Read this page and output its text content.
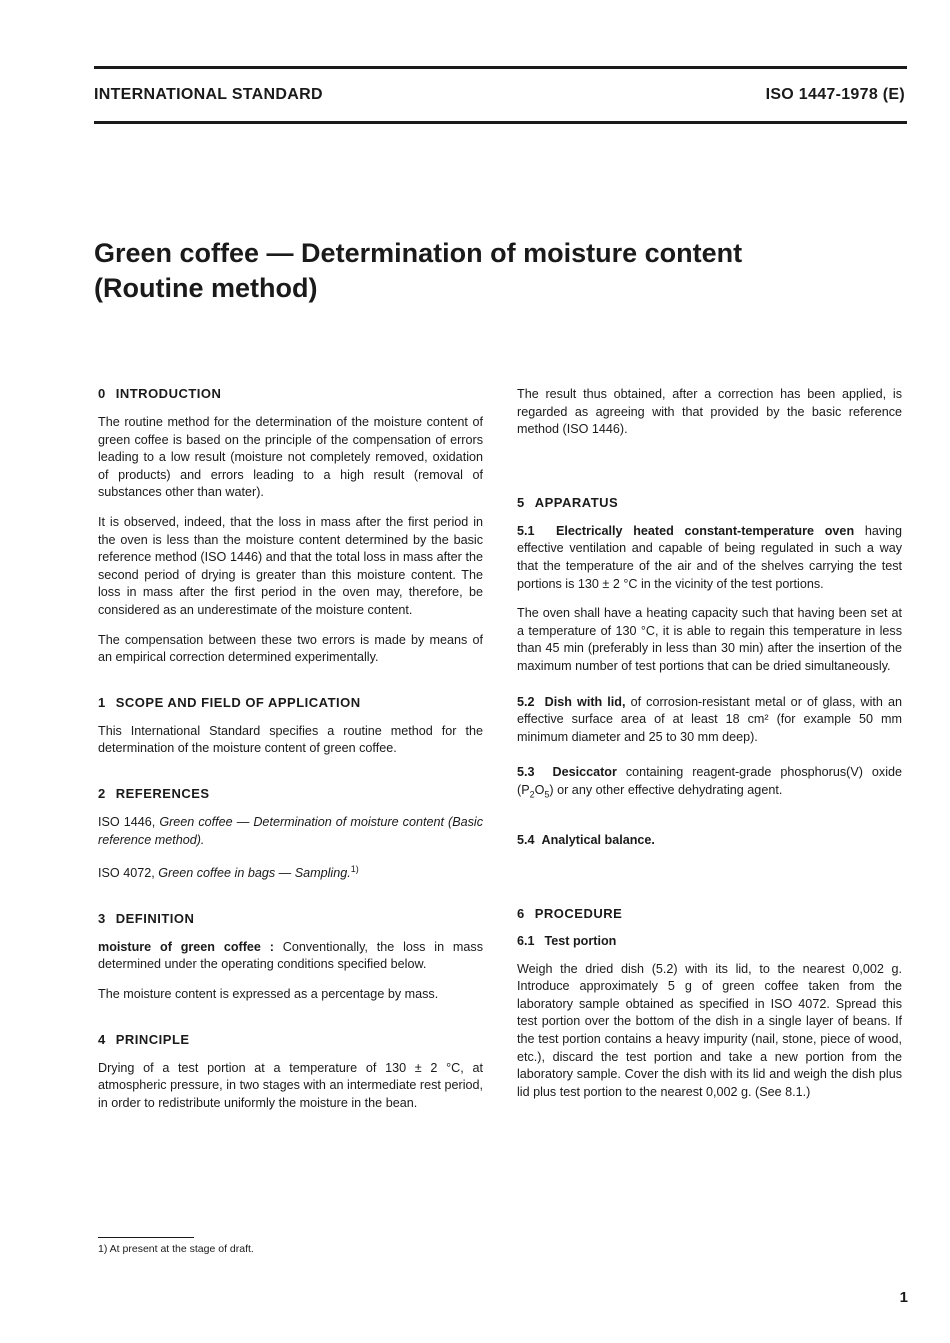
INTERNATIONAL STANDARD	ISO 1447-1978 (E)
Green coffee — Determination of moisture content
(Routine method)
0 INTRODUCTION

The routine method for the determination of the moisture content of green coffee is based on the principle of the compensation of errors leading to a low result (moisture not completely removed, oxidation of products) and errors leading to a high result (removal of substances other than water).

It is observed, indeed, that the loss in mass after the first period in the oven is less than the moisture content determined by the basic reference method (ISO 1446) and that the total loss in mass after the second period of drying is greater than this moisture content. The loss in mass after the first period in the oven may, therefore, be considered as an underestimate of the moisture content.

The compensation between these two errors is made by means of an empirical correction determined experimentally.

1 SCOPE AND FIELD OF APPLICATION

This International Standard specifies a routine method for the determination of the moisture content of green coffee.

2 REFERENCES

ISO 1446, Green coffee — Determination of moisture content (Basic reference method).

ISO 4072, Green coffee in bags — Sampling.$^{1)}$

3 DEFINITION

moisture of green coffee : Conventionally, the loss in mass determined under the operating conditions specified below.

The moisture content is expressed as a percentage by mass.

4 PRINCIPLE

Drying of a test portion at a temperature of 130 ± 2 °C, at atmospheric pressure, in two stages with an intermediate rest period, in order to redistribute uniformly the moisture in the bean.

The result thus obtained, after a correction has been applied, is regarded as agreeing with that provided by the basic reference method (ISO 1446).

5 APPARATUS

5.1 Electrically heated constant-temperature oven having effective ventilation and capable of being regulated in such a way that the temperature of the air and of the shelves carrying the test portions is 130 ± 2 °C in the vicinity of the test portions.

The oven shall have a heating capacity such that having been set at a temperature of 130 °C, it is able to regain this temperature in less than 45 min (preferably in less than 30 min) after the insertion of the maximum number of test portions that can be dried simultaneously.

5.2 Dish with lid, of corrosion-resistant metal or of glass, with an effective surface area of at least 18 cm² (for example 50 mm minimum diameter and 25 to 30 mm deep).

5.3 Desiccator containing reagent-grade phosphorus(V) oxide $(P_2O_5)$ or any other effective dehydrating agent.

5.4 Analytical balance.

6 PROCEDURE
6.1 Test portion

Weigh the dried dish (5.2) with its lid, to the nearest 0,002 g. Introduce approximately 5 g of green coffee taken from the laboratory sample obtained as specified in ISO 4072. Spread this test portion over the bottom of the dish in a single layer of beans. If the test portion contains a heavy impurity (nail, stone, piece of wood, etc.), discard the test portion and take a new portion from the laboratory sample. Cover the dish with its lid and weigh the dish plus lid plus test portion to the nearest 0,002 g. (See 8.1.)

1) At present at the stage of draft.
1
